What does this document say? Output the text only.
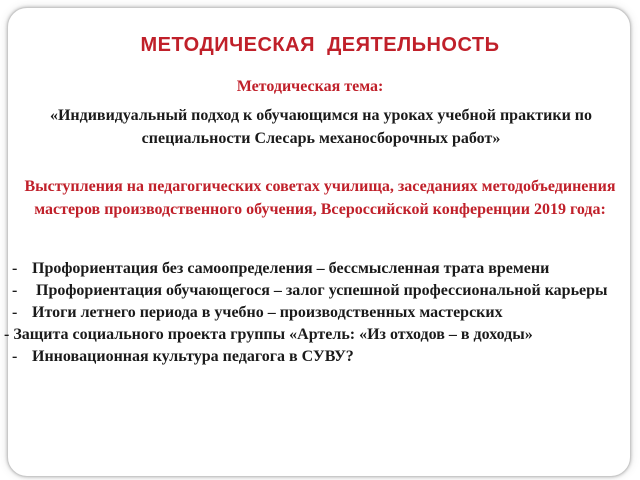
МЕТОДИЧЕСКАЯ  ДЕЯТЕЛЬНОСТЬ
Методическая тема:
«Индивидуальный подход к обучающимся на уроках учебной практики по специальности Слесарь механосборочных работ»
Выступления на педагогических советах училища, заседаниях методобъединения мастеров производственного обучения, Всероссийской конференции 2019 года:
- Профориентация без самоопределения – бессмысленная трата времени
- Профориентация обучающегося – залог успешной профессиональной карьеры
- Итоги летнего периода в учебно – производственных мастерских
- Защита социального проекта группы «Артель: «Из отходов – в доходы»
- Инновационная культура педагога в СУВУ?
